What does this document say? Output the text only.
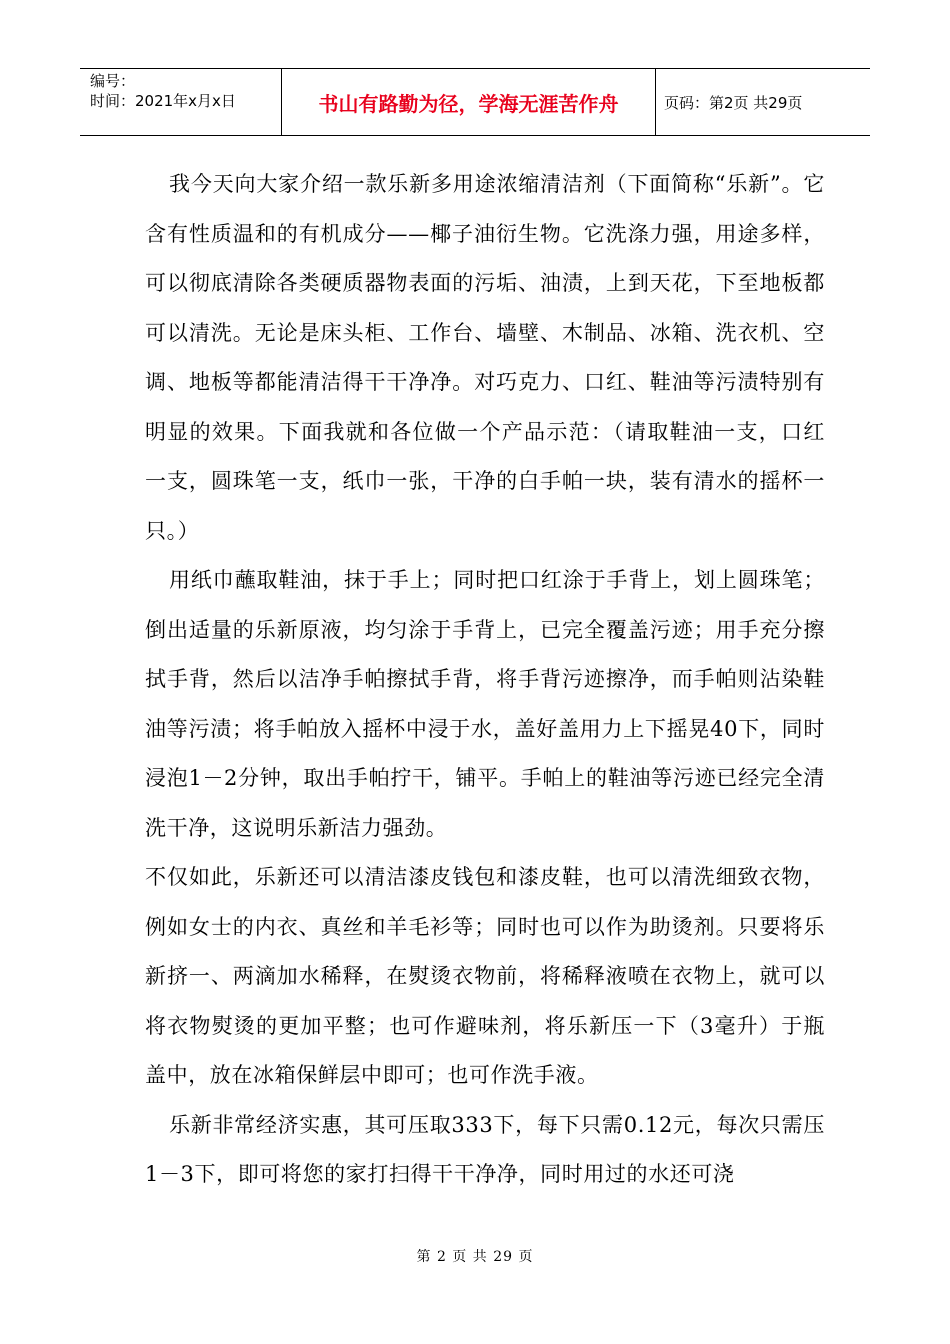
编号：
时间：2021年x月x日	书山有路勤为径，学海无涯苦作舟	页码：第2页 共29页

我今天向大家介绍一款乐新多用途浓缩清洁剂（下面简称“乐新”。它含有性质温和的有机成分——椰子油衍生物。它洗涤力强，用途多样，可以彻底清除各类硬质器物表面的污垢、油渍，上到天花，下至地板都可以清洗。无论是床头柜、工作台、墙壁、木制品、冰箱、洗衣机、空调、地板等都能清洁得干干净净。对巧克力、口红、鞋油等污渍特别有明显的效果。下面我就和各位做一个产品示范：（请取鞋油一支，口红一支，圆珠笔一支，纸巾一张，干净的白手帕一块，装有清水的摇杯一只。）

用纸巾蘸取鞋油，抹于手上；同时把口红涂于手背上，划上圆珠笔；倒出适量的乐新原液，均匀涂于手背上，已完全覆盖污迹；用手充分擦拭手背，然后以洁净手帕擦拭手背，将手背污迹擦净，而手帕则沾染鞋油等污渍；将手帕放入摇杯中浸于水，盖好盖用力上下摇晃40下，同时浸泡1－2分钟，取出手帕拧干，铺平。手帕上的鞋油等污迹已经完全清洗干净，这说明乐新洁力强劲。

不仅如此，乐新还可以清洁漆皮钱包和漆皮鞋，也可以清洗细致衣物，例如女士的内衣、真丝和羊毛衫等；同时也可以作为助烫剂。只要将乐新挤一、两滴加水稀释，在熨烫衣物前，将稀释液喷在衣物上，就可以将衣物熨烫的更加平整；也可作避味剂，将乐新压一下（3毫升）于瓶盖中，放在冰箱保鲜层中即可；也可作洗手液。

乐新非常经济实惠，其可压取333下，每下只需0.12元，每次只需压1－3下，即可将您的家打扫得干干净净，同时用过的水还可浇

第 2 页 共 29 页
